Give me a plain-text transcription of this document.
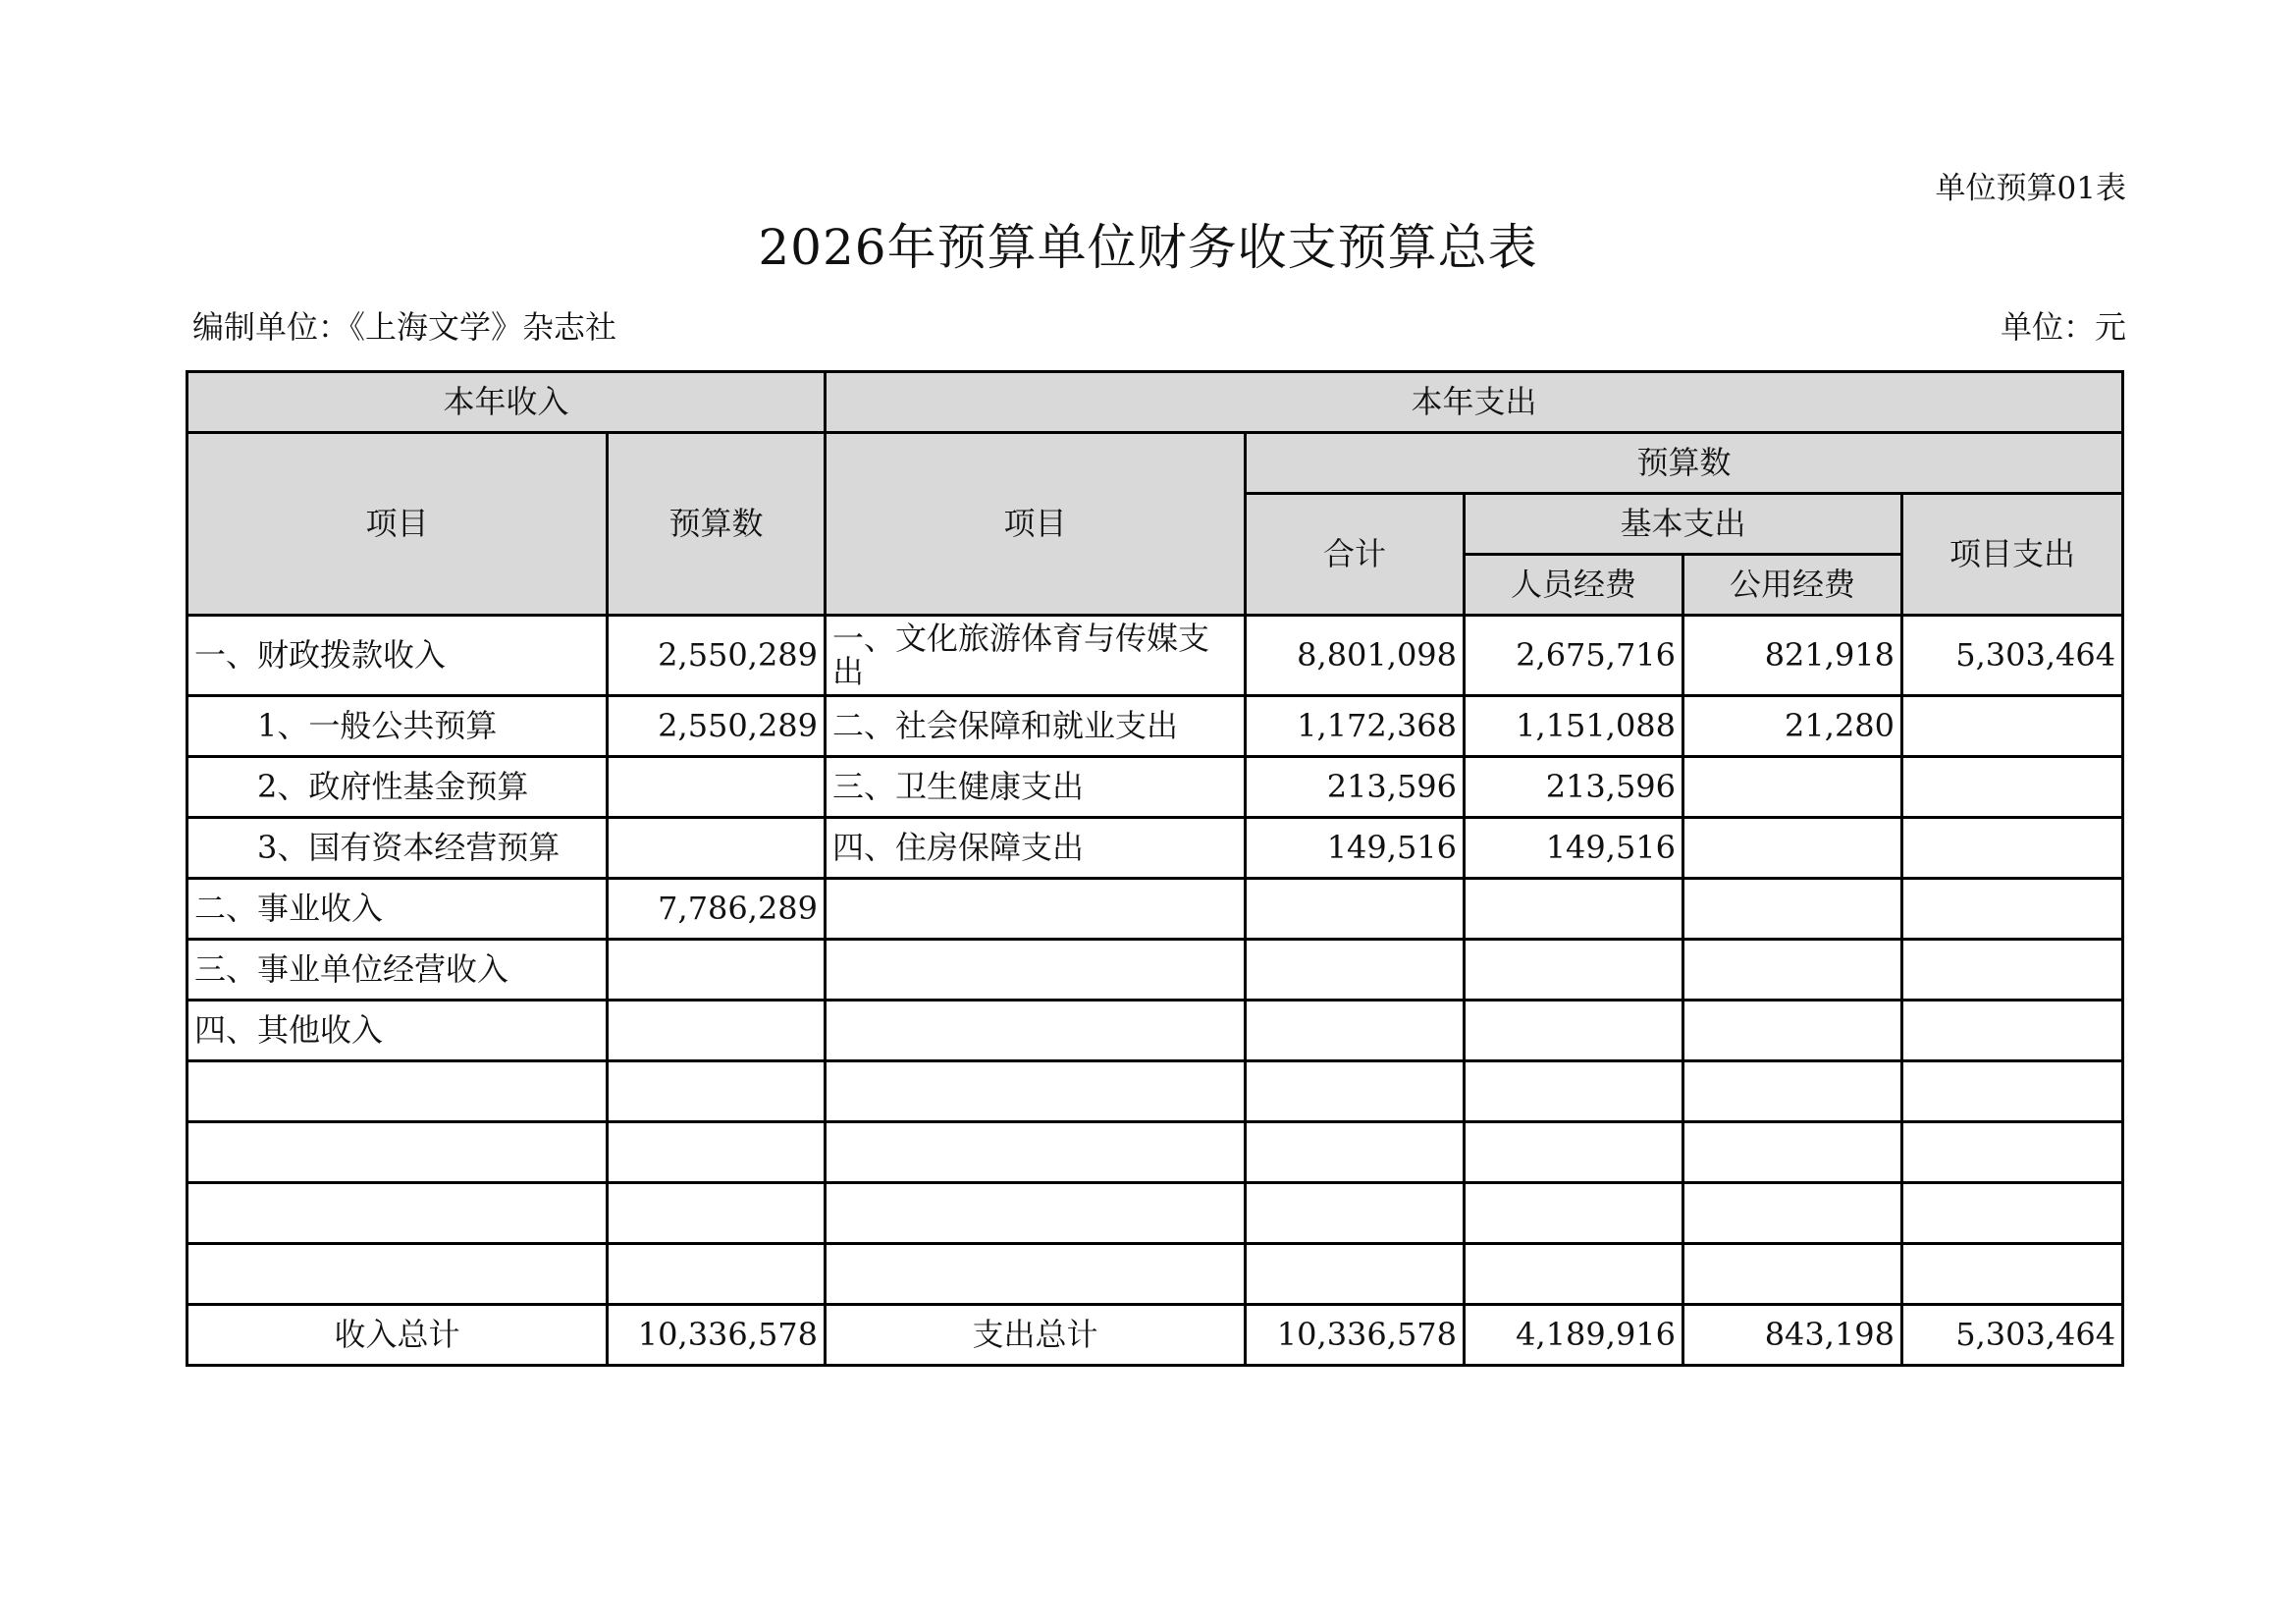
单位预算01表
2026年预算单位财务收支预算总表
编制单位：《上海文学》杂志社	单位：元
本年收入		本年支出				
项目	预算数	项目	预算数			
			合计	基本支出		项目支出
				人员经费	公用经费	
一、财政拨款收入	2,550,289	一、文化旅游体育与传媒支出	8,801,098	2,675,716	821,918	5,303,464
1、一般公共预算	2,550,289	二、社会保障和就业支出	1,172,368	1,151,088	21,280	
2、政府性基金预算		三、卫生健康支出	213,596	213,596		
3、国有资本经营预算		四、住房保障支出	149,516	149,516		
二、事业收入	7,786,289					
三、事业单位经营收入						
四、其他收入						

收入总计	10,336,578	支出总计	10,336,578	4,189,916	843,198	5,303,464
